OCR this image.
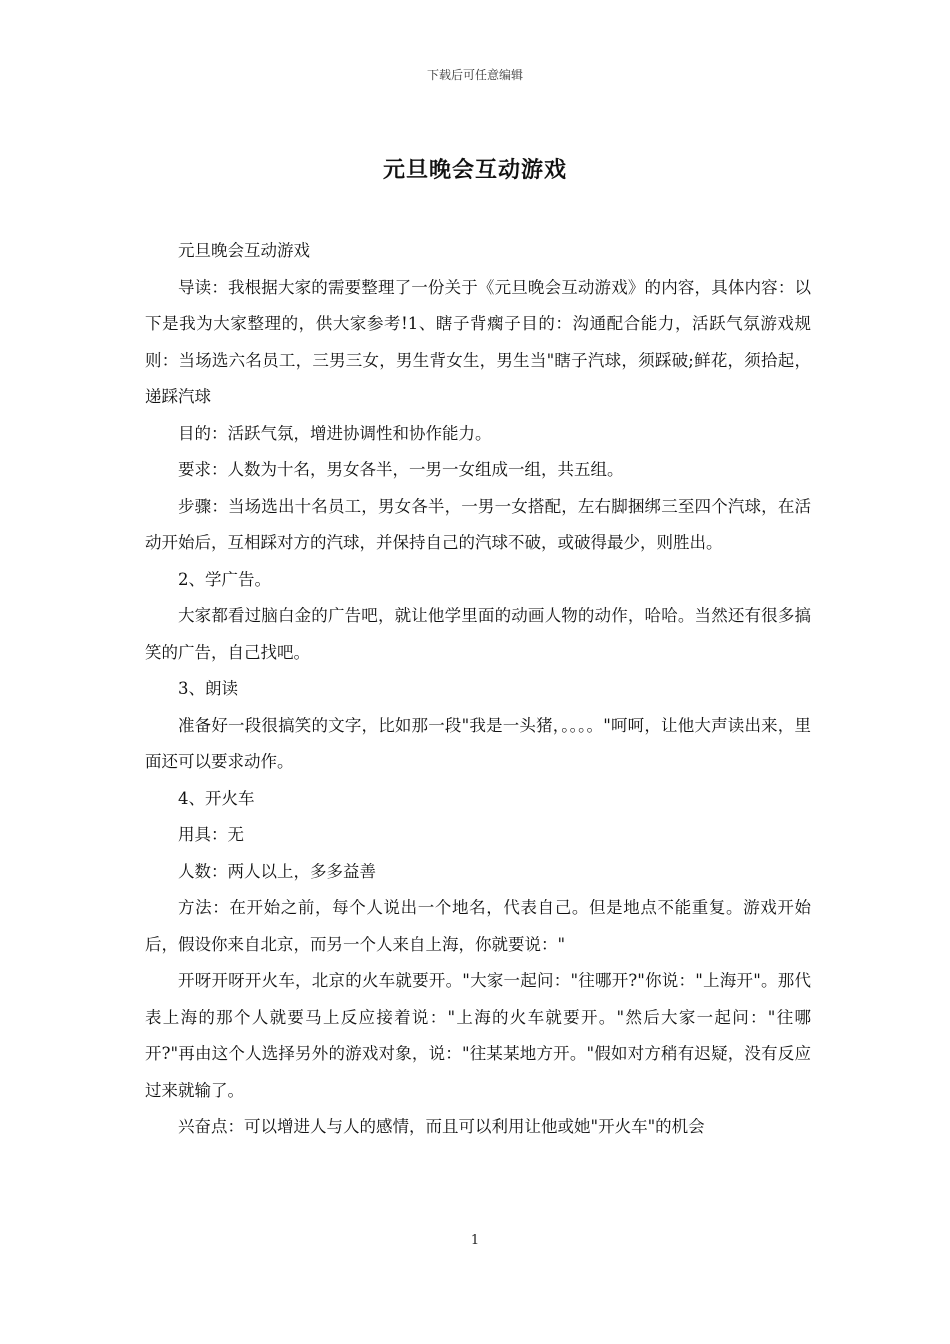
下载后可任意编辑
元旦晚会互动游戏

元旦晚会互动游戏

导读：我根据大家的需要整理了一份关于《元旦晚会互动游戏》的内容，具体内容：以下是我为大家整理的，供大家参考!1、瞎子背瘸子目的：沟通配合能力，活跃气氛游戏规则：当场选六名员工，三男三女，男生背女生，男生当"瞎子汽球，须踩破;鲜花，须拾起，递踩汽球

目的：活跃气氛，增进协调性和协作能力。

要求：人数为十名，男女各半，一男一女组成一组，共五组。

步骤：当场选出十名员工，男女各半，一男一女搭配，左右脚捆绑三至四个汽球，在活动开始后，互相踩对方的汽球，并保持自己的汽球不破，或破得最少，则胜出。

2、学广告。

大家都看过脑白金的广告吧，就让他学里面的动画人物的动作，哈哈。当然还有很多搞笑的广告，自己找吧。

3、朗读

准备好一段很搞笑的文字，比如那一段"我是一头猪，。。。。"呵呵，让他大声读出来，里面还可以要求动作。

4、开火车

用具：无

人数：两人以上，多多益善

方法：在开始之前，每个人说出一个地名，代表自己。但是地点不能重复。游戏开始后，假设你来自北京，而另一个人来自上海，你就要说："

开呀开呀开火车，北京的火车就要开。"大家一起问："往哪开?"你说："上海开"。那代表上海的那个人就要马上反应接着说："上海的火车就要开。"然后大家一起问："往哪开?"再由这个人选择另外的游戏对象，说："往某某地方开。"假如对方稍有迟疑，没有反应过来就输了。

兴奋点：可以增进人与人的感情，而且可以利用让他或她"开火车"的机会

1
